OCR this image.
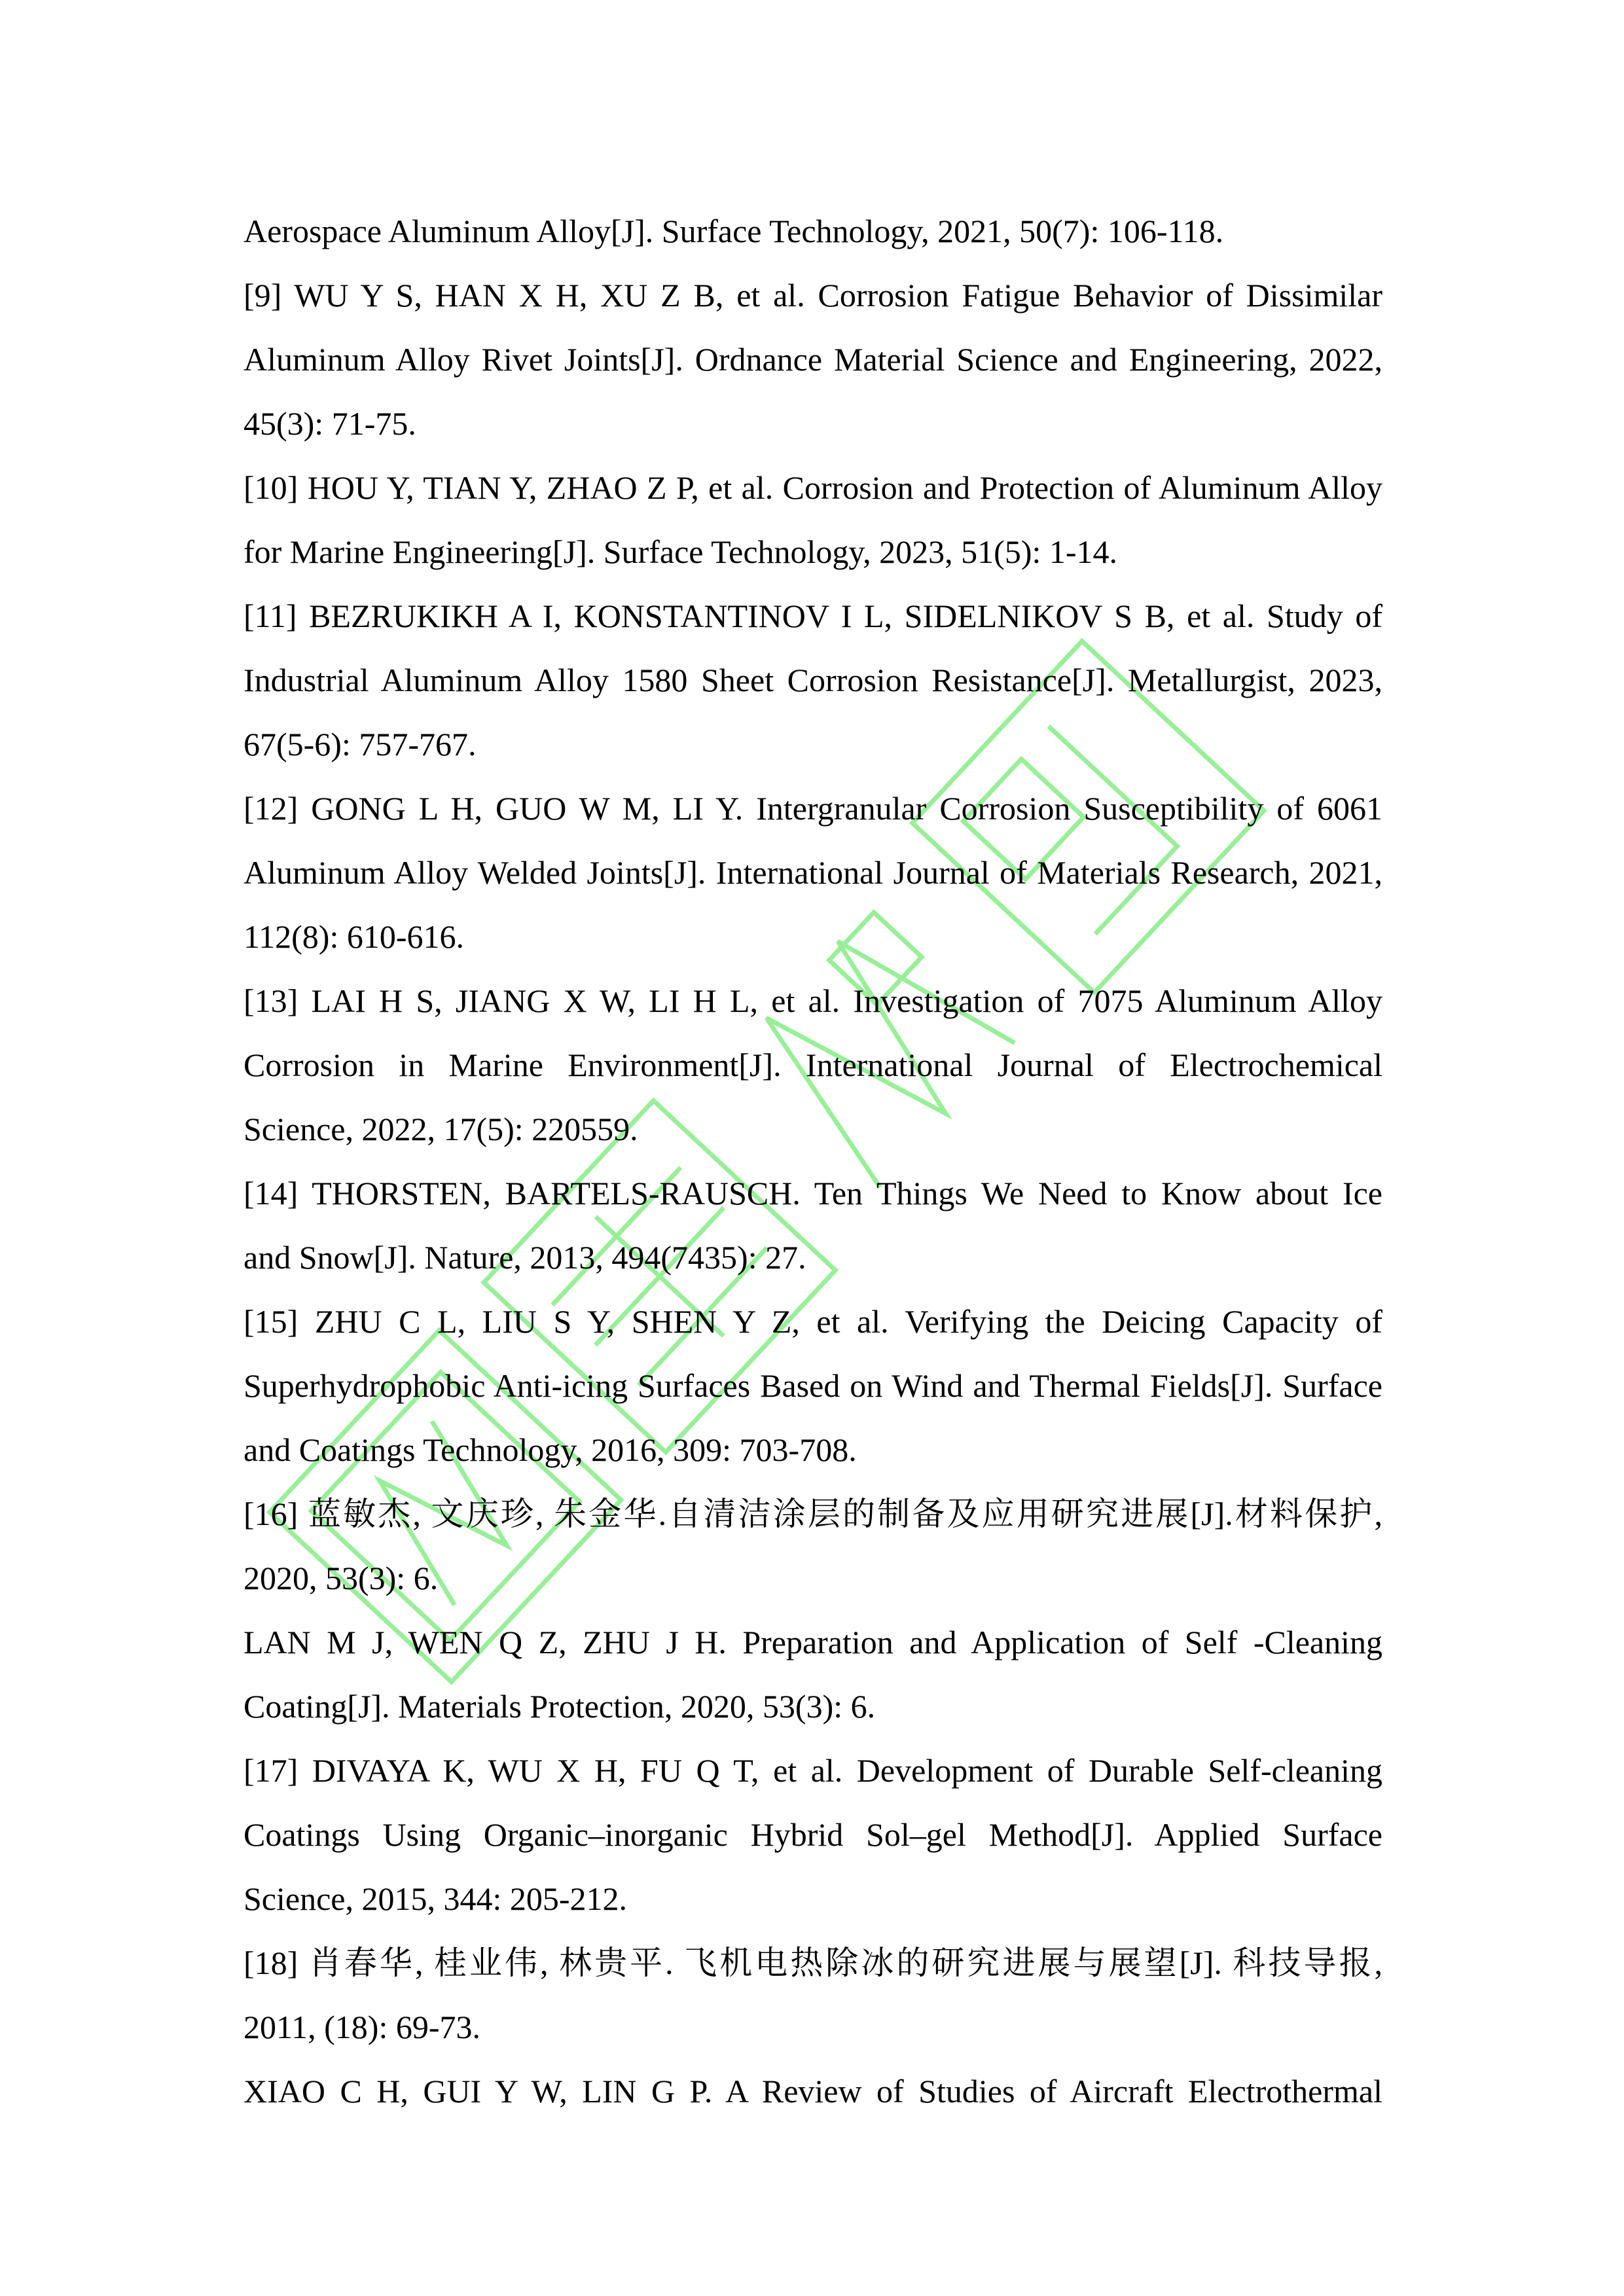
Aerospace Aluminum Alloy[J]. Surface Technology, 2021, 50(7): 106-118.
[9] WU Y S, HAN X H, XU Z B, et al. Corrosion Fatigue Behavior of Dissimilar
Aluminum Alloy Rivet Joints[J]. Ordnance Material Science and Engineering, 2022,
45(3): 71-75.
[10] HOU Y, TIAN Y, ZHAO Z P, et al. Corrosion and Protection of Aluminum Alloy
for Marine Engineering[J]. Surface Technology, 2023, 51(5): 1-14.
[11] BEZRUKIKH A I, KONSTANTINOV I L, SIDELNIKOV S B, et al. Study of
Industrial Aluminum Alloy 1580 Sheet Corrosion Resistance[J]. Metallurgist, 2023,
67(5-6): 757-767.
[12] GONG L H, GUO W M, LI Y. Intergranular Corrosion Susceptibility of 6061
Aluminum Alloy Welded Joints[J]. International Journal of Materials Research, 2021,
112(8): 610-616.
[13] LAI H S, JIANG X W, LI H L, et al. Investigation of 7075 Aluminum Alloy
Corrosion in Marine Environment[J]. International Journal of Electrochemical
Science, 2022, 17(5): 220559.
[14] THORSTEN, BARTELS-RAUSCH. Ten Things We Need to Know about Ice
and Snow[J]. Nature, 2013, 494(7435): 27.
[15] ZHU C L, LIU S Y, SHEN Y Z, et al. Verifying the Deicing Capacity of
Superhydrophobic Anti-icing Surfaces Based on Wind and Thermal Fields[J]. Surface
and Coatings Technology, 2016, 309: 703-708.
[16] 蓝敏杰, 文庆珍, 朱金华.自清洁涂层的制备及应用研究进展[J].材料保护,
2020, 53(3): 6.
LAN M J, WEN Q Z, ZHU J H. Preparation and Application of Self -Cleaning
Coating[J]. Materials Protection, 2020, 53(3): 6.
[17] DIVAYA K, WU X H, FU Q T, et al. Development of Durable Self-cleaning
Coatings Using Organic–inorganic Hybrid Sol–gel Method[J]. Applied Surface
Science, 2015, 344: 205-212.
[18] 肖春华, 桂业伟, 林贵平. 飞机电热除冰的研究进展与展望[J]. 科技导报,
2011, (18): 69-73.
XIAO C H, GUI Y W, LIN G P. A Review of Studies of Aircraft Electrothermal
